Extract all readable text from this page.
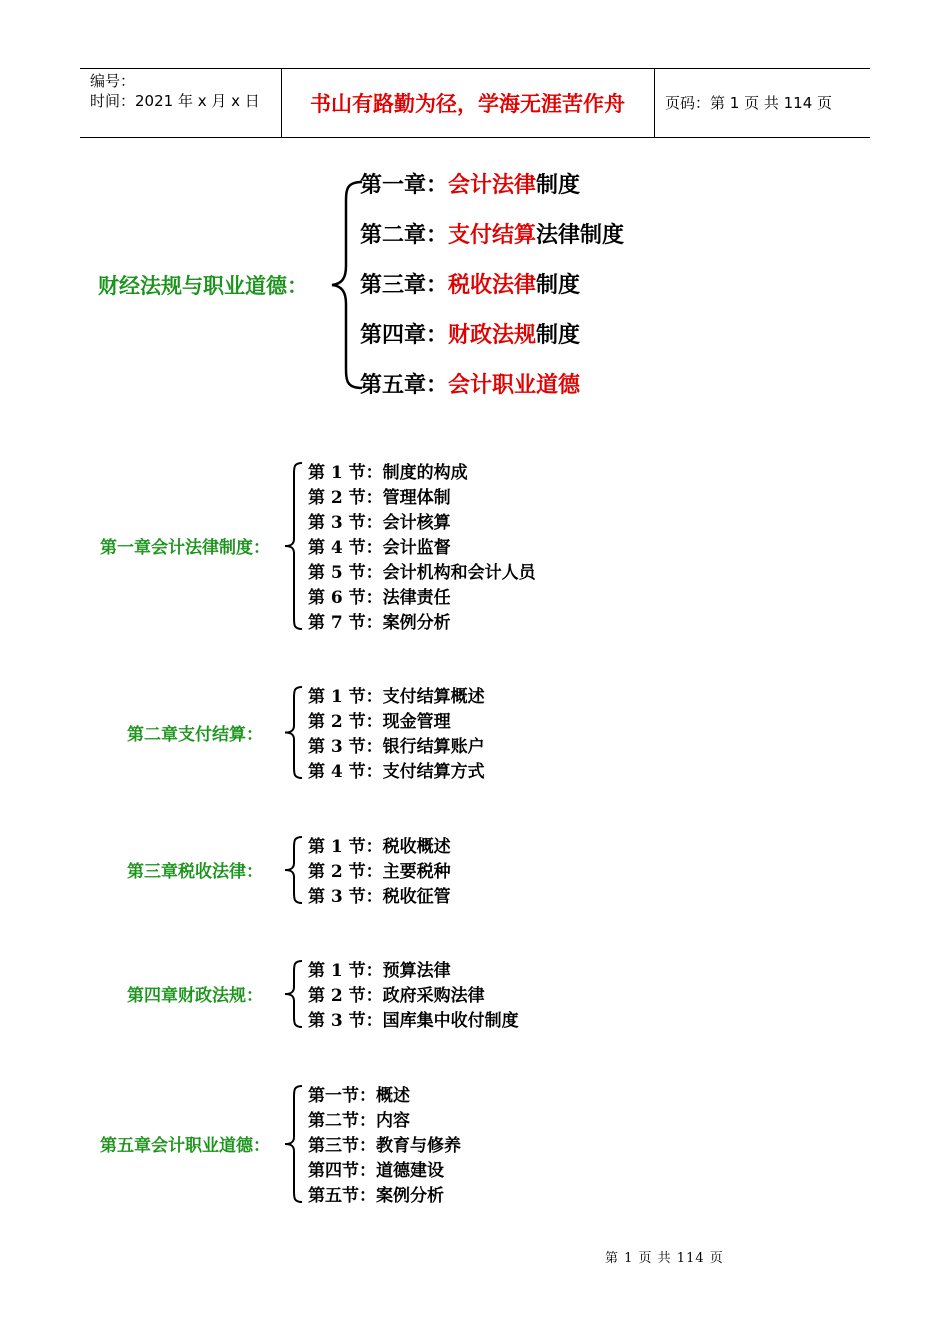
编号：
时间：2021 年 x 月 x 日 书山有路勤为径，学海无涯苦作舟	页码：第 1 页 共 114 页
财经法规与职业道德：
第一章：会计法律制度
第二章：支付结算法律制度
第三章：税收法律制度
第四章：财政法规制度
第五章：会计职业道德
第一章会计法律制度：
第 1 节：制度的构成
第 2 节：管理体制
第 3 节：会计核算
第 4 节：会计监督
第 5 节：会计机构和会计人员
第 6 节：法律责任
第 7 节：案例分析
第二章支付结算：
第 1 节：支付结算概述
第 2 节：现金管理
第 3 节：银行结算账户
第 4 节：支付结算方式
第三章税收法律：
第 1 节：税收概述
第 2 节：主要税种
第 3 节：税收征管
第四章财政法规：
第 1 节：预算法律
第 2 节：政府采购法律
第 3 节：国库集中收付制度
第五章会计职业道德：
第一节：概述
第二节：内容
第三节：教育与修养
第四节：道德建设
第五节：案例分析
第 1 页 共 114 页
